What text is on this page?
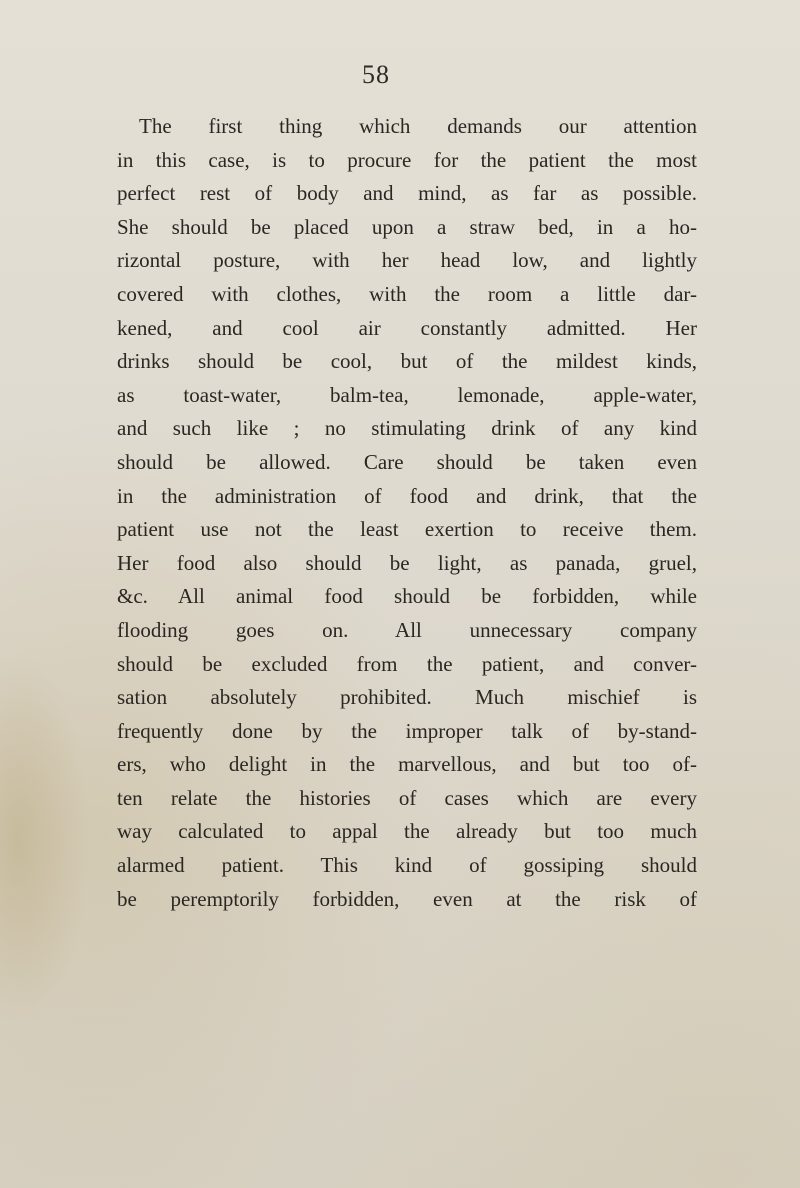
58
The first thing which demands our attention
in this case, is to procure for the patient the most
perfect rest of body and mind, as far as possible.
She should be placed upon a straw bed, in a ho-
rizontal posture, with her head low, and lightly
covered with clothes, with the room a little dar-
kened, and cool air constantly admitted. Her
drinks should be cool, but of the mildest kinds,
as toast-water, balm-tea, lemonade, apple-water,
and such like ; no stimulating drink of any kind
should be allowed. Care should be taken even
in the administration of food and drink, that the
patient use not the least exertion to receive them.
Her food also should be light, as panada, gruel,
&c. All animal food should be forbidden, while
flooding goes on. All unnecessary company
should be excluded from the patient, and conver-
sation absolutely prohibited. Much mischief is
frequently done by the improper talk of by-stand-
ers, who delight in the marvellous, and but too of-
ten relate the histories of cases which are every
way calculated to appal the already but too much
alarmed patient. This kind of gossiping should
be peremptorily forbidden, even at the risk of
